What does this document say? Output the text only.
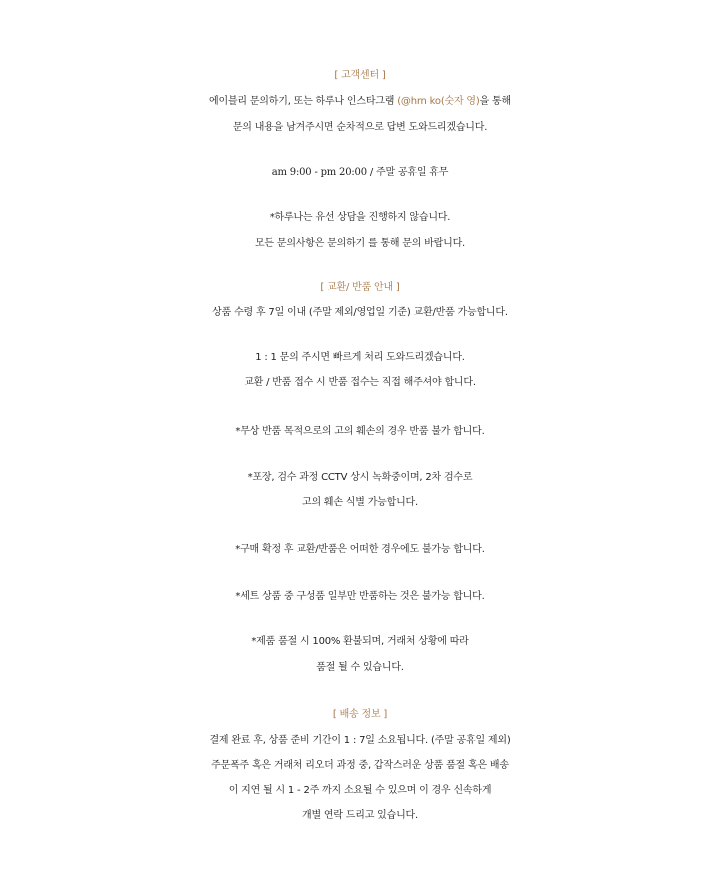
[ 고객센터 ]
에이블리 문의하기, 또는 하루나 인스타그램 (@hrn ko(숫자 영)을 통해
문의 내용을 남겨주시면 순차적으로 답변 도와드리겠습니다.
am 9:00 - pm 20:00 / 주말 공휴일 휴무
*하루나는 유선 상담을 진행하지 않습니다.
모든 문의사항은 문의하기 를 통해 문의 바랍니다.
[ 교환/ 반품 안내 ]
상품 수령 후 7일 이내 (주말 제외/영업일 기준) 교환/반품 가능합니다.
1 : 1 문의 주시면 빠르게 처리 도와드리겠습니다.
교환 / 반품 접수 시 반품 접수는 직접 해주셔야 합니다.
*무상 반품 목적으로의 고의 훼손의 경우 반품 불가 합니다.
*포장, 검수 과정 CCTV 상시 녹화중이며, 2차 검수로
고의 훼손 식별 가능합니다.
*구매 확정 후 교환/반품은 어떠한 경우에도 불가능 합니다.
*세트 상품 중 구성품 일부만 반품하는 것은 불가능 합니다.
*제품 품절 시 100% 환불되며, 거래처 상황에 따라
품절 될 수 있습니다.
[ 배송 정보 ]
결제 완료 후, 상품 준비 기간이 1 : 7일 소요됩니다. (주말 공휴일 제외)
주문폭주 혹은 거래처 리오더 과정 중, 갑작스러운 상품 품절 혹은 배송
이 지연 될 시 1 - 2주 까지 소요될 수 있으며 이 경우 신속하게
개별 연락 드리고 있습니다.
